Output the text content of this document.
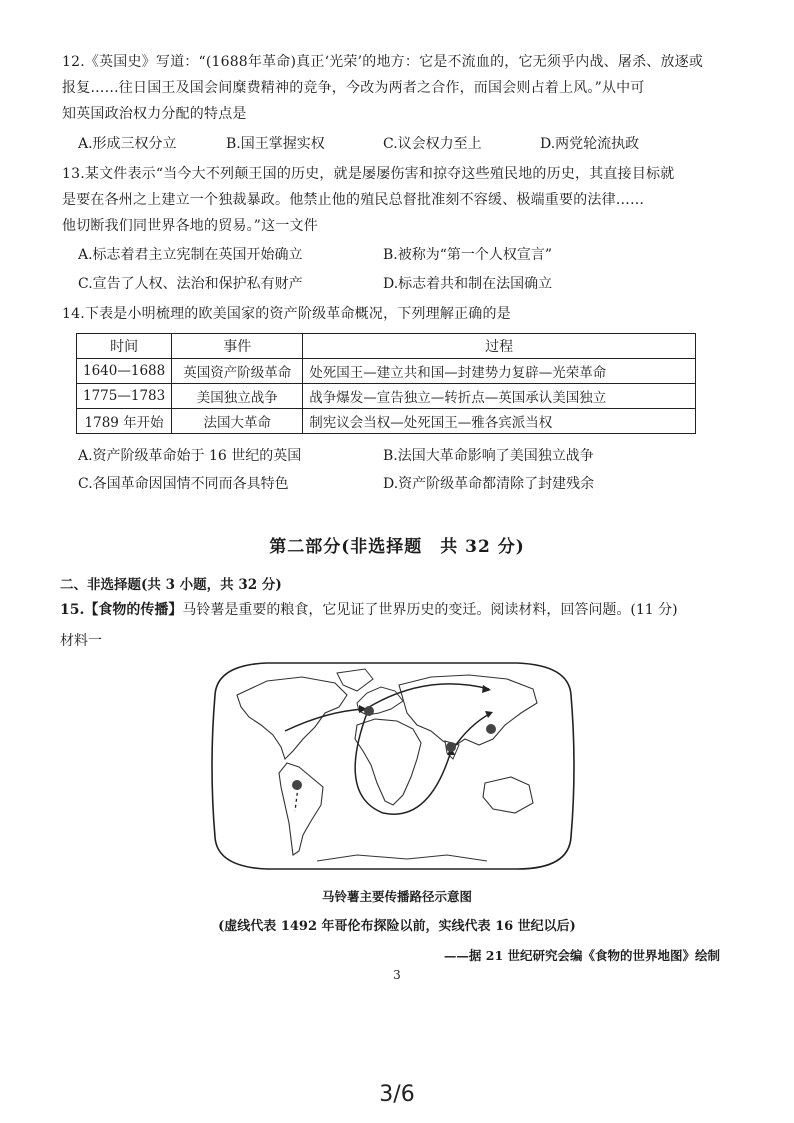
12.《英国史》写道：“(1688年革命)真正‘光荣’的地方：它是不流血的，它无须乎内战、屠杀、放逐或
报复……往日国王及国会间糜费精神的竞争，今改为两者之合作，而国会则占着上风。”从中可
知英国政治权力分配的特点是
A.形成三权分立	B.国王掌握实权	C.议会权力至上	D.两党轮流执政
13.某文件表示“当今大不列颠王国的历史，就是屡屡伤害和掠夺这些殖民地的历史，其直接目标就
是要在各州之上建立一个独裁暴政。他禁止他的殖民总督批准刻不容缓、极端重要的法律……
他切断我们同世界各地的贸易。”这一文件
A.标志着君主立宪制在英国开始确立	B.被称为“第一个人权宣言”
C.宣告了人权、法治和保护私有财产	D.标志着共和制在法国确立
14.下表是小明梳理的欧美国家的资产阶级革命概况，下列理解正确的是
时间	事件	过程
1640—1688	英国资产阶级革命	处死国王—建立共和国—封建势力复辟—光荣革命
1775—1783	美国独立战争	战争爆发—宣告独立—转折点—英国承认美国独立
1789 年开始	法国大革命	制宪议会当权—处死国王—雅各宾派当权
A.资产阶级革命始于 16 世纪的英国	B.法国大革命影响了美国独立战争
C.各国革命因国情不同而各具特色	D.资产阶级革命都清除了封建残余
第二部分(非选择题　共 32 分)
二、非选择题(共 3 小题，共 32 分)
15.【食物的传播】马铃薯是重要的粮食，它见证了世界历史的变迁。阅读材料，回答问题。(11 分)
材料一
马铃薯主要传播路径示意图
(虚线代表 1492 年哥伦布探险以前，实线代表 16 世纪以后)
——据 21 世纪研究会编《食物的世界地图》绘制
3
3/6
